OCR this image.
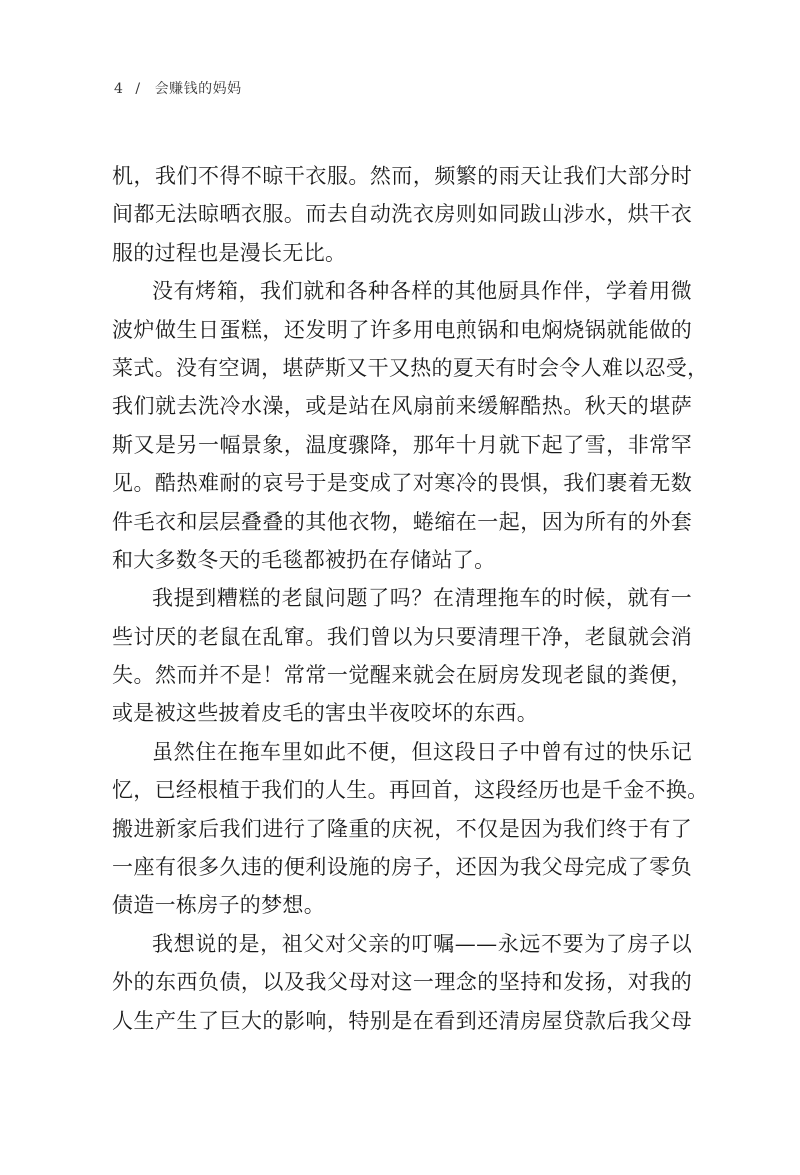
4 / 会赚钱的妈妈
机，我们不得不晾干衣服。然而，频繁的雨天让我们大部分时
间都无法晾晒衣服。而去自动洗衣房则如同跋山涉水，烘干衣
服的过程也是漫长无比。
没有烤箱，我们就和各种各样的其他厨具作伴，学着用微
波炉做生日蛋糕，还发明了许多用电煎锅和电焖烧锅就能做的
菜式。没有空调，堪萨斯又干又热的夏天有时会令人难以忍受，
我们就去洗冷水澡，或是站在风扇前来缓解酷热。秋天的堪萨
斯又是另一幅景象，温度骤降，那年十月就下起了雪，非常罕
见。酷热难耐的哀号于是变成了对寒冷的畏惧，我们裹着无数
件毛衣和层层叠叠的其他衣物，蜷缩在一起，因为所有的外套
和大多数冬天的毛毯都被扔在存储站了。
我提到糟糕的老鼠问题了吗？在清理拖车的时候，就有一
些讨厌的老鼠在乱窜。我们曾以为只要清理干净，老鼠就会消
失。然而并不是！常常一觉醒来就会在厨房发现老鼠的粪便，
或是被这些披着皮毛的害虫半夜咬坏的东西。
虽然住在拖车里如此不便，但这段日子中曾有过的快乐记
忆，已经根植于我们的人生。再回首，这段经历也是千金不换。
搬进新家后我们进行了隆重的庆祝，不仅是因为我们终于有了
一座有很多久违的便利设施的房子，还因为我父母完成了零负
债造一栋房子的梦想。
我想说的是，祖父对父亲的叮嘱——永远不要为了房子以
外的东西负债，以及我父母对这一理念的坚持和发扬，对我的
人生产生了巨大的影响，特别是在看到还清房屋贷款后我父母
